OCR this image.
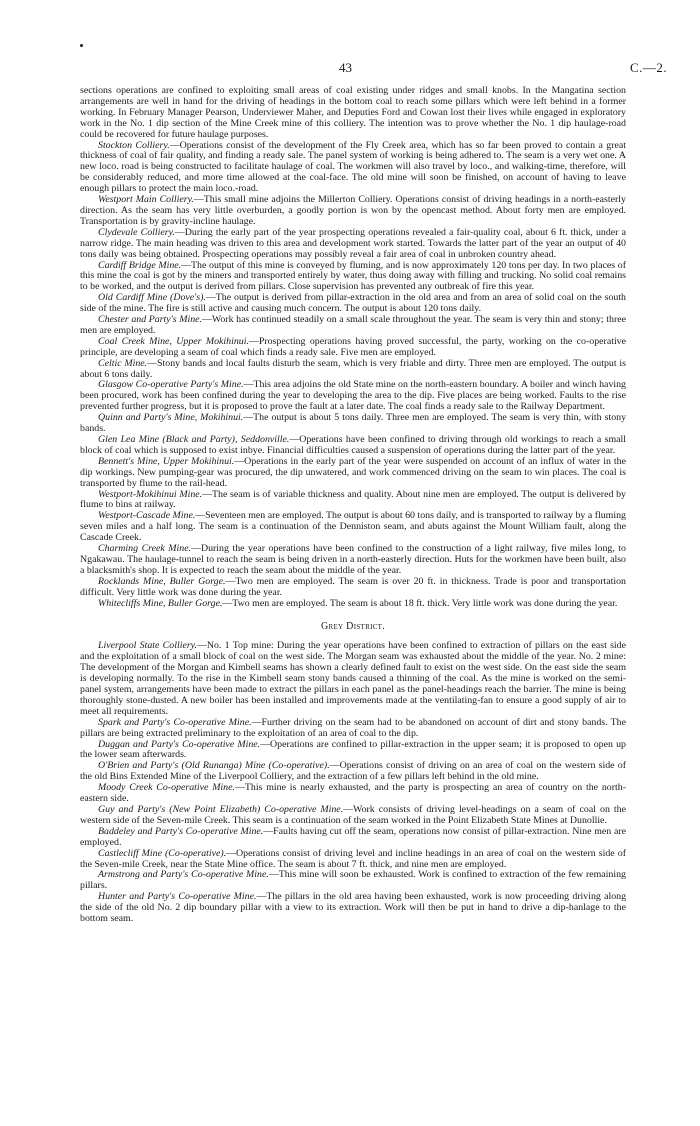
43	C.—2.

sections operations are confined to exploiting small areas of coal existing under ridges and small knobs. In the Mangatina section arrangements are well in hand for the driving of headings in the bottom coal to reach some pillars which were left behind in a former working. In February Manager Pearson, Underviewer Maher, and Deputies Ford and Cowan lost their lives while engaged in exploratory work in the No. 1 dip section of the Mine Creek mine of this colliery. The intention was to prove whether the No. 1 dip haulage-road could be recovered for future haulage purposes.

Stockton Colliery.—Operations consist of the development of the Fly Creek area, which has so far been proved to contain a great thickness of coal of fair quality, and finding a ready sale. The panel system of working is being adhered to. The seam is a very wet one. A new loco. road is being constructed to facilitate haulage of coal. The workmen will also travel by loco., and walking-time, therefore, will be considerably reduced, and more time allowed at the coal-face. The old mine will soon be finished, on account of having to leave enough pillars to protect the main loco.-road.

Westport Main Colliery.—This small mine adjoins the Millerton Colliery. Operations consist of driving headings in a north-easterly direction. As the seam has very little overburden, a goodly portion is won by the opencast method. About forty men are employed. Transportation is by gravity-incline haulage.

Clydevale Colliery.—During the early part of the year prospecting operations revealed a fair-quality coal, about 6 ft. thick, under a narrow ridge. The main heading was driven to this area and development work started. Towards the latter part of the year an output of 40 tons daily was being obtained. Prospecting operations may possibly reveal a fair area of coal in unbroken country ahead.

Cardiff Bridge Mine.—The output of this mine is conveyed by fluming, and is now approximately 120 tons per day. In two places of this mine the coal is got by the miners and transported entirely by water, thus doing away with filling and trucking. No solid coal remains to be worked, and the output is derived from pillars. Close supervision has prevented any outbreak of fire this year.

Old Cardiff Mine (Dove's).—The output is derived from pillar-extraction in the old area and from an area of solid coal on the south side of the mine. The fire is still active and causing much concern. The output is about 120 tons daily.

Chester and Party's Mine.—Work has continued steadily on a small scale throughout the year. The seam is very thin and stony; three men are employed.

Coal Creek Mine, Upper Mokihinui.—Prospecting operations having proved successful, the party, working on the co-operative principle, are developing a seam of coal which finds a ready sale. Five men are employed.

Celtic Mine.—Stony bands and local faults disturb the seam, which is very friable and dirty. Three men are employed. The output is about 6 tons daily.

Glasgow Co-operative Party's Mine.—This area adjoins the old State mine on the north-eastern boundary. A boiler and winch having been procured, work has been confined during the year to developing the area to the dip. Five places are being worked. Faults to the rise prevented further progress, but it is proposed to prove the fault at a later date. The coal finds a ready sale to the Railway Department.

Quinn and Party's Mine, Mokihinui.—The output is about 5 tons daily. Three men are employed. The seam is very thin, with stony bands.

Glen Lea Mine (Black and Party), Seddonville.—Operations have been confined to driving through old workings to reach a small block of coal which is supposed to exist inbye. Financial difficulties caused a suspension of operations during the latter part of the year.

Bennett's Mine, Upper Mokihinui.—Operations in the early part of the year were suspended on account of an influx of water in the dip workings. New pumping-gear was procured, the dip unwatered, and work commenced driving on the seam to win places. The coal is transported by flume to the rail-head.

Westport-Mokihinui Mine.—The seam is of variable thickness and quality. About nine men are employed. The output is delivered by flume to bins at railway.

Westport-Cascade Mine.—Seventeen men are employed. The output is about 60 tons daily, and is transported to railway by a fluming seven miles and a half long. The seam is a continuation of the Denniston seam, and abuts against the Mount William fault, along the Cascade Creek.

Charming Creek Mine.—During the year operations have been confined to the construction of a light railway, five miles long, to Ngakawau. The haulage-tunnel to reach the seam is being driven in a north-easterly direction. Huts for the workmen have been built, also a blacksmith's shop. It is expected to reach the seam about the middle of the year.

Rocklands Mine, Buller Gorge.—Two men are employed. The seam is over 20 ft. in thickness. Trade is poor and transportation difficult. Very little work was done during the year.

Whitecliffs Mine, Buller Gorge.—Two men are employed. The seam is about 18 ft. thick. Very little work was done during the year.

Grey District.

Liverpool State Colliery.—No. 1 Top mine: During the year operations have been confined to extraction of pillars on the east side and the exploitation of a small block of coal on the west side. The Morgan seam was exhausted about the middle of the year. No. 2 mine: The development of the Morgan and Kimbell seams has shown a clearly defined fault to exist on the west side. On the east side the seam is developing normally. To the rise in the Kimbell seam stony bands caused a thinning of the coal. As the mine is worked on the semi-panel system, arrangements have been made to extract the pillars in each panel as the panel-headings reach the barrier. The mine is being thoroughly stone-dusted. A new boiler has been installed and improvements made at the ventilating-fan to ensure a good supply of air to meet all requirements.

Spark and Party's Co-operative Mine.—Further driving on the seam had to be abandoned on account of dirt and stony bands. The pillars are being extracted preliminary to the exploitation of an area of coal to the dip.

Duggan and Party's Co-operative Mine.—Operations are confined to pillar-extraction in the upper seam; it is proposed to open up the lower seam afterwards.

O'Brien and Party's (Old Runanga) Mine (Co-operative).—Operations consist of driving on an area of coal on the western side of the old Bins Extended Mine of the Liverpool Colliery, and the extraction of a few pillars left behind in the old mine.

Moody Creek Co-operative Mine.—This mine is nearly exhausted, and the party is prospecting an area of country on the north-eastern side.

Guy and Party's (New Point Elizabeth) Co-operative Mine.—Work consists of driving level-headings on a seam of coal on the western side of the Seven-mile Creek. This seam is a continuation of the seam worked in the Point Elizabeth State Mines at Dunollie.

Baddeley and Party's Co-operative Mine.—Faults having cut off the seam, operations now consist of pillar-extraction. Nine men are employed.

Castlecliff Mine (Co-operative).—Operations consist of driving level and incline headings in an area of coal on the western side of the Seven-mile Creek, near the State Mine office. The seam is about 7 ft. thick, and nine men are employed.

Armstrong and Party's Co-operative Mine.—This mine will soon be exhausted. Work is confined to extraction of the few remaining pillars.

Hunter and Party's Co-operative Mine.—The pillars in the old area having been exhausted, work is now proceeding driving along the side of the old No. 2 dip boundary pillar with a view to its extraction. Work will then be put in hand to drive a dip-hanlage to the bottom seam.
